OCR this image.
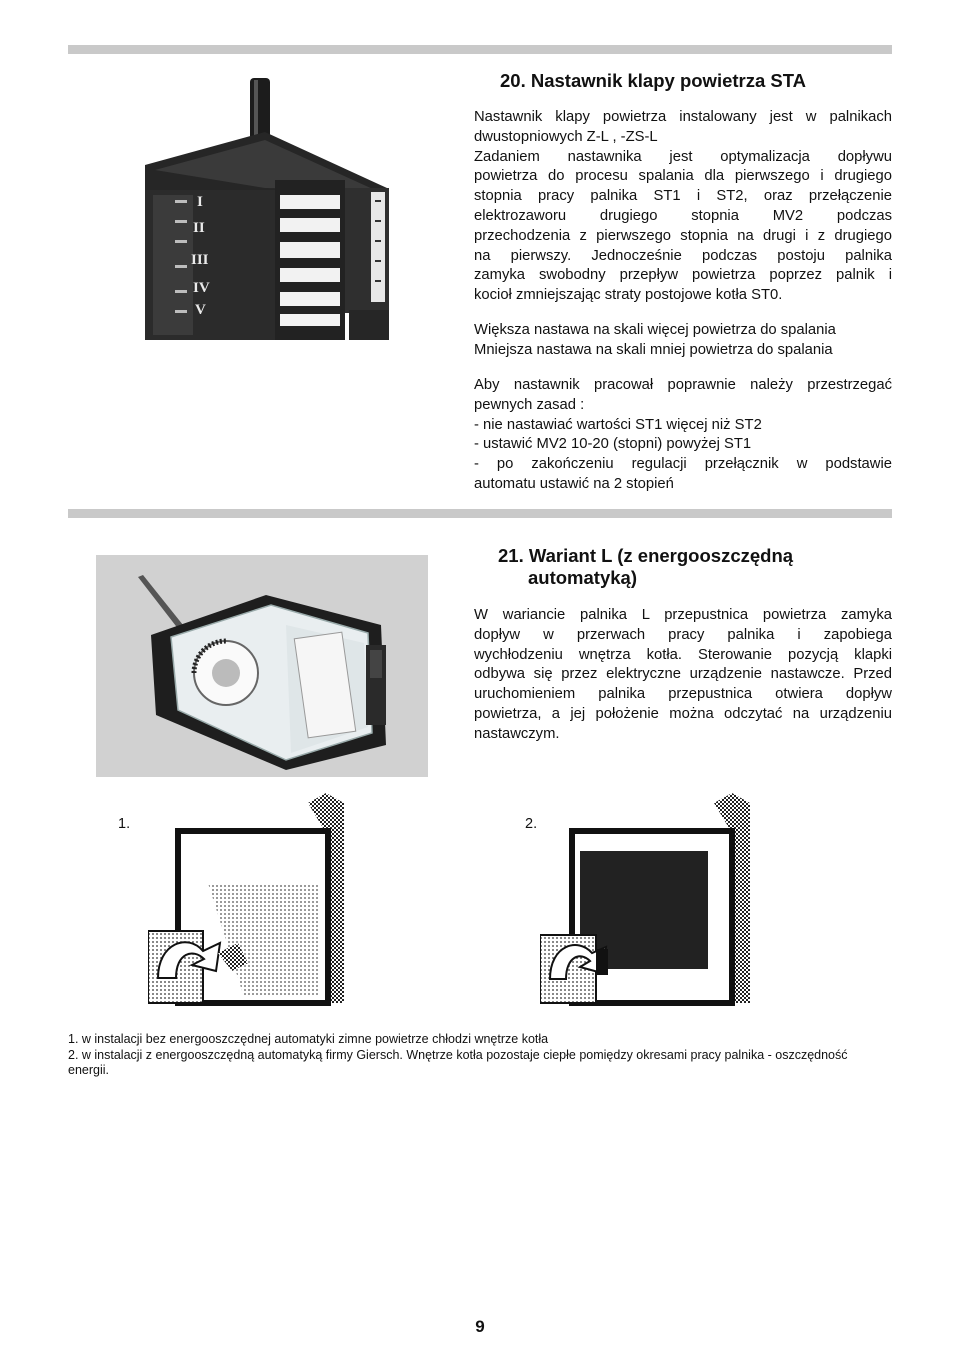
I
II
III
IV
V
20. Nastawnik klapy powietrza STA
Nastawnik klapy powietrza instalowany jest w palnikach
dwustopniowych Z-L , -ZS-L
Zadaniem nastawnika jest optymalizacja dopływu
powietrza do procesu spalania dla pierwszego i drugiego
stopnia pracy palnika ST1 i ST2, oraz przełączenie
elektrozaworu drugiego stopnia MV2 podczas
przechodzenia z pierwszego stopnia na drugi i z drugiego
na pierwszy. Jednocześnie podczas postoju palnika
zamyka swobodny przepływ powietrza poprzez palnik i
kocioł zmniejszając straty postojowe kotła ST0.
Większa nastawa na skali więcej powietrza do spalania
Mniejsza nastawa na skali mniej powietrza do spalania
Aby nastawnik pracował poprawnie należy przestrzegać
pewnych zasad :
- nie nastawiać wartości ST1 więcej niż ST2
- ustawić MV2 10-20 (stopni) powyżej ST1
- po zakończeniu regulacji przełącznik w podstawie
automatu ustawić na 2 stopień
21. Wariant L (z energooszczędną
automatyką)
W wariancie palnika L przepustnica powietrza zamyka
dopływ w przerwach pracy palnika i zapobiega
wychłodzeniu wnętrza kotła. Sterowanie pozycją klapki
odbywa się przez elektryczne urządzenie nastawcze. Przed
uruchomieniem palnika przepustnica otwiera dopływ
powietrza, a jej położenie można odczytać na urządzeniu
nastawczym.
1.	2.
1. w instalacji bez energooszczędnej automatyki zimne powietrze chłodzi wnętrze kotła
2. w instalacji z energooszczędną automatyką firmy Giersch. Wnętrze kotła pozostaje ciepłe pomiędzy okresami pracy palnika - oszczędność
energii.
9
